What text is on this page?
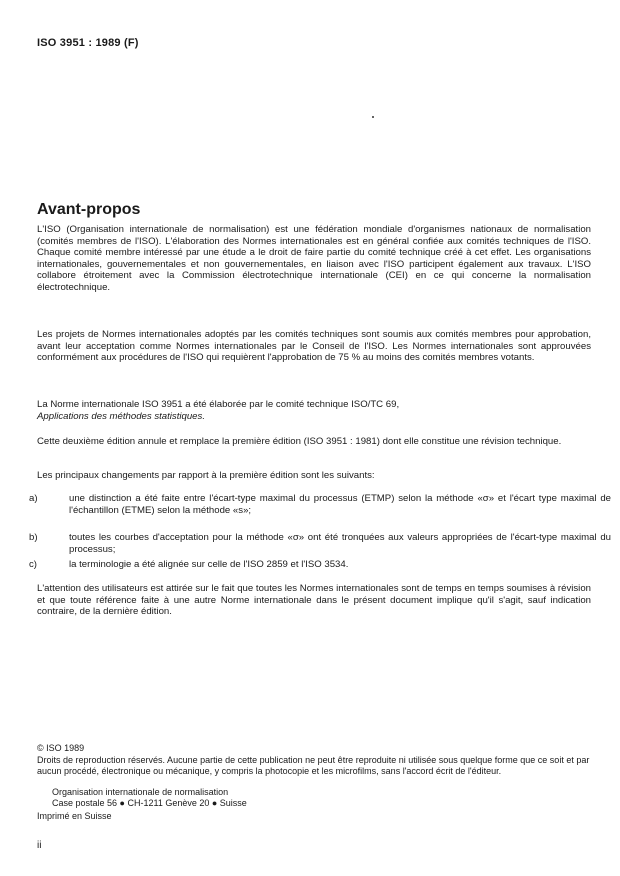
ISO 3951 : 1989 (F)
Avant-propos
L'ISO (Organisation internationale de normalisation) est une fédération mondiale d'organismes nationaux de normalisation (comités membres de l'ISO). L'élaboration des Normes internationales est en général confiée aux comités techniques de l'ISO. Chaque comité membre intéressé par une étude a le droit de faire partie du comité technique créé à cet effet. Les organisations internationales, gouvernementales et non gouvernementales, en liaison avec l'ISO participent également aux travaux. L'ISO collabore étroitement avec la Commission électrotechnique internationale (CEI) en ce qui concerne la normalisation électrotechnique.
Les projets de Normes internationales adoptés par les comités techniques sont soumis aux comités membres pour approbation, avant leur acceptation comme Normes internationales par le Conseil de l'ISO. Les Normes internationales sont approuvées conformément aux procédures de l'ISO qui requièrent l'approbation de 75 % au moins des comités membres votants.
La Norme internationale ISO 3951 a été élaborée par le comité technique ISO/TC 69,
Applications des méthodes statistiques.
Cette deuxième édition annule et remplace la première édition (ISO 3951 : 1981) dont elle constitue une révision technique.
Les principaux changements par rapport à la première édition sont les suivants:
a)	une distinction a été faite entre l'écart-type maximal du processus (ETMP) selon la méthode «σ» et l'écart type maximal de l'échantillon (ETME) selon la méthode «s»;
b)	toutes les courbes d'acceptation pour la méthode «σ» ont été tronquées aux valeurs appropriées de l'écart-type maximal du processus;
c)	la terminologie a été alignée sur celle de l'ISO 2859 et l'ISO 3534.
L'attention des utilisateurs est attirée sur le fait que toutes les Normes internationales sont de temps en temps soumises à révision et que toute référence faite à une autre Norme internationale dans le présent document implique qu'il s'agit, sauf indication contraire, de la dernière édition.
© ISO 1989
Droits de reproduction réservés. Aucune partie de cette publication ne peut être reproduite ni utilisée sous quelque forme que ce soit et par aucun procédé, électronique ou mécanique, y compris la photocopie et les microfilms, sans l'accord écrit de l'éditeur.
Organisation internationale de normalisation
Case postale 56 ● CH-1211 Genève 20 ● Suisse
Imprimé en Suisse
ii
